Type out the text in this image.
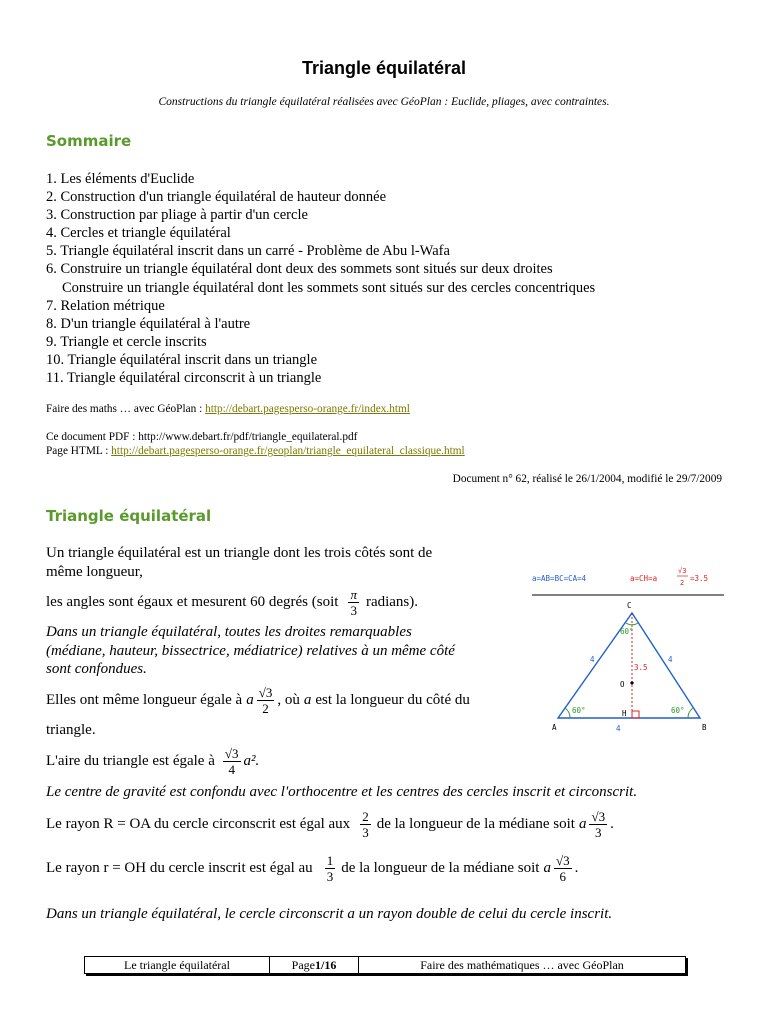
Triangle équilatéral
Constructions du triangle équilatéral réalisées avec GéoPlan : Euclide, pliages, avec contraintes.
Sommaire
1. Les éléments d'Euclide
2. Construction d'un triangle équilatéral de hauteur donnée
3. Construction par pliage à partir d'un cercle
4. Cercles et triangle équilatéral
5. Triangle équilatéral inscrit dans un carré - Problème de Abu l-Wafa
6. Construire un triangle équilatéral dont deux des sommets sont situés sur deux droites
Construire un triangle équilatéral dont les sommets sont situés sur des cercles concentriques
7. Relation métrique
8. D'un triangle équilatéral à l'autre
9. Triangle et cercle inscrits
10. Triangle équilatéral inscrit dans un triangle
11. Triangle équilatéral circonscrit à un triangle
Faire des maths … avec GéoPlan : http://debart.pagesperso-orange.fr/index.html
Ce document PDF : http://www.debart.fr/pdf/triangle_equilateral.pdf
Page HTML : http://debart.pagesperso-orange.fr/geoplan/triangle_equilateral_classique.html
Document n° 62, réalisé le 26/1/2004, modifié le 29/7/2009
Triangle équilatéral
Un triangle équilatéral est un triangle dont les trois côtés sont de
même longueur,
les angles sont égaux et mesurent 60 degrés (soit $\frac{\pi}{3}$ radians).
Dans un triangle équilatéral, toutes les droites remarquables
(médiane, hauteur, bissectrice, médiatrice) relatives à un même côté
sont confondues.
Elles ont même longueur égale à a $\frac{√3}{2}$ , où a est la longueur du côté du
triangle.
L'aire du triangle est égale à $\frac{√3}{4} a^2$.
Le centre de gravité est confondu avec l'orthocentre et les centres des cercles inscrit et circonscrit.
Le rayon R = OA du cercle circonscrit est égal aux $\frac{2}{3}$ de la longueur de la médiane soit a $\frac{√3}{3}$ .
Le rayon r = OH du cercle inscrit est égal au $\frac{1}{3}$ de la longueur de la médiane soit a $\frac{√3}{6}$ .
Dans un triangle équilatéral, le cercle circonscrit a un rayon double de celui du cercle inscrit.
a=AB=BC=CA=4	a=CH=a
√3
2 =3.5
C
A	B
O
H
4	4
4
3.5
60°
60°	60°
Le triangle équilatéral	Page 1/16	Faire des mathématiques … avec GéoPlan
